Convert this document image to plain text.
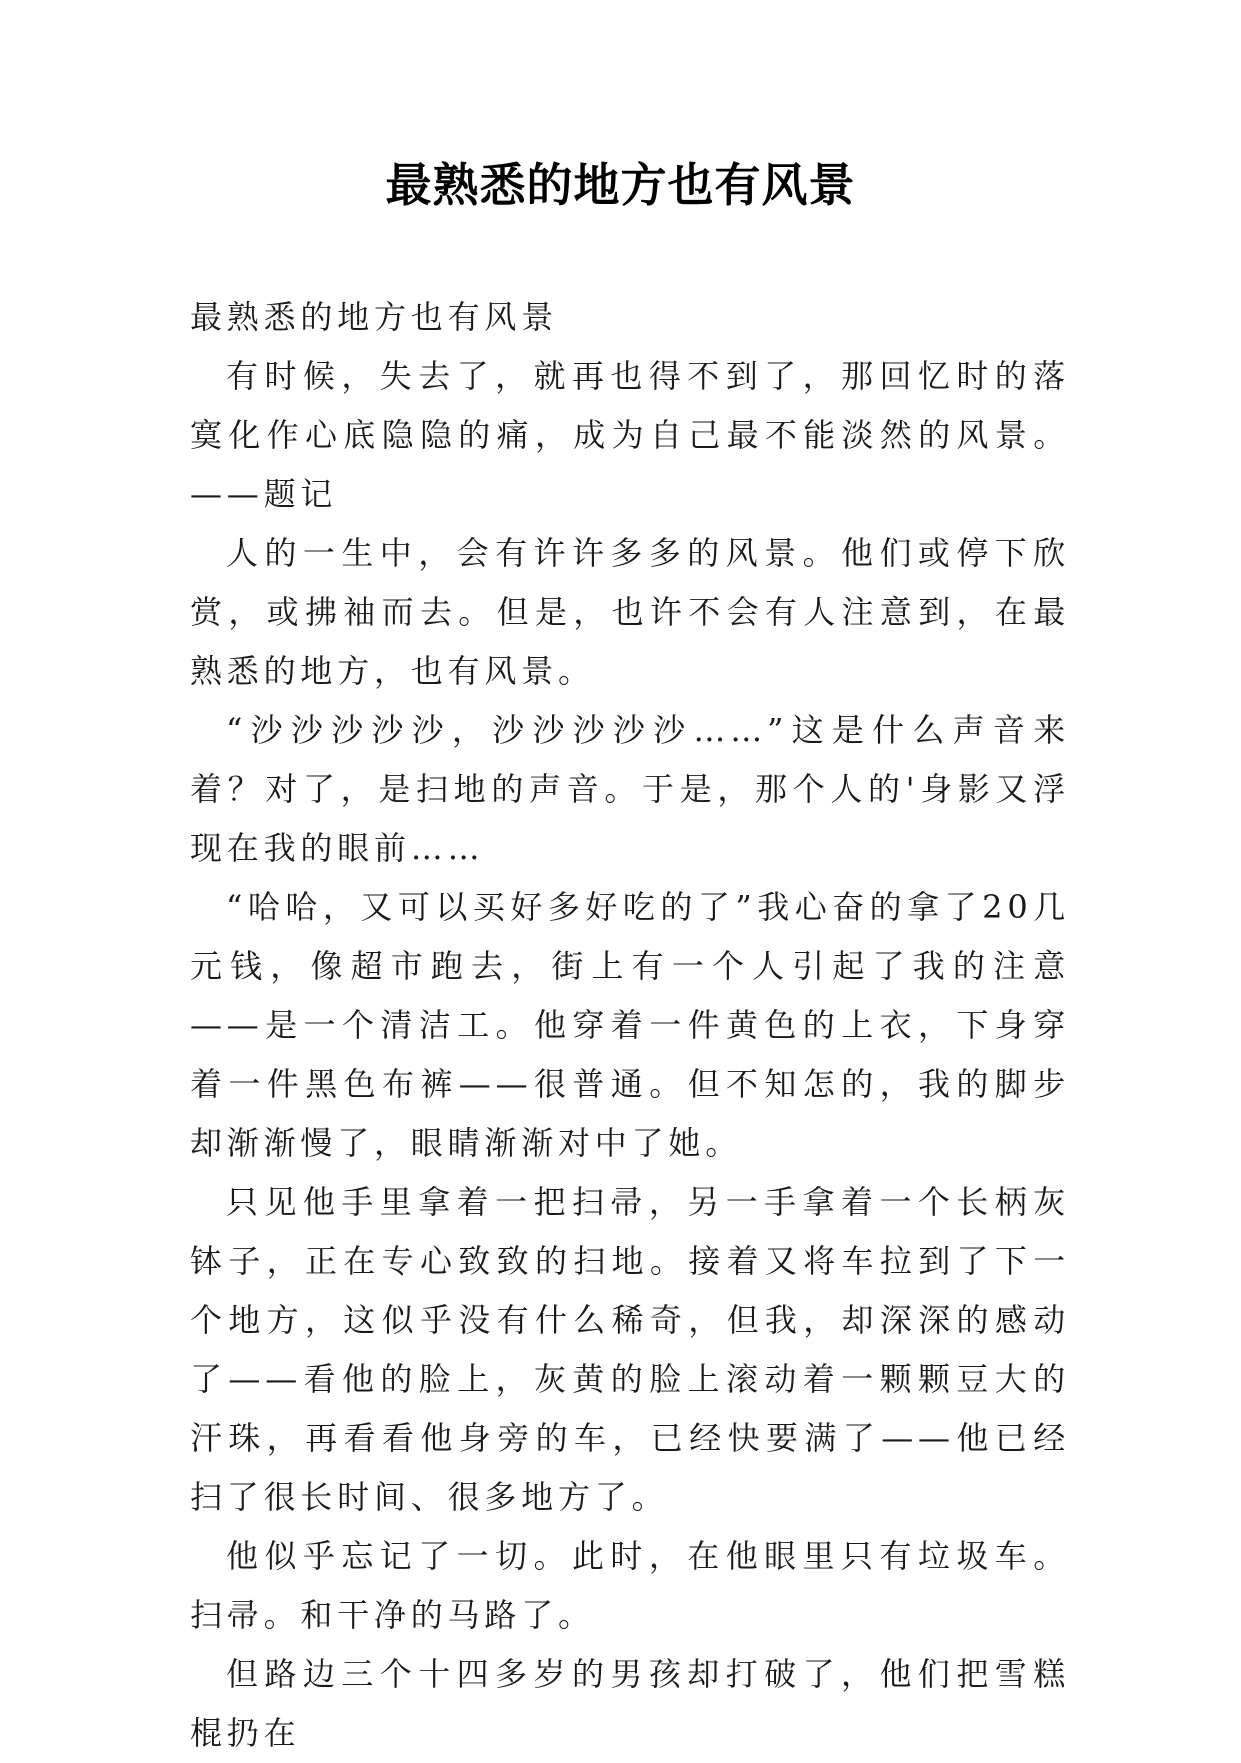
最熟悉的地方也有风景

最熟悉的地方也有风景

有时候，失去了，就再也得不到了，那回忆时的落寞化作心底隐隐的痛，成为自己最不能淡然的风景。——题记

人的一生中，会有许许多多的风景。他们或停下欣赏，或拂袖而去。但是，也许不会有人注意到，在最熟悉的地方，也有风景。

“沙沙沙沙沙，沙沙沙沙沙……”这是什么声音来着？对了，是扫地的声音。于是，那个人的'身影又浮现在我的眼前……

“哈哈，又可以买好多好吃的了”我心奋的拿了20几元钱，像超市跑去，街上有一个人引起了我的注意——是一个清洁工。他穿着一件黄色的上衣，下身穿着一件黑色布裤——很普通。但不知怎的，我的脚步却渐渐慢了，眼睛渐渐对中了她。

只见他手里拿着一把扫帚，另一手拿着一个长柄灰钵子，正在专心致致的扫地。接着又将车拉到了下一个地方，这似乎没有什么稀奇，但我，却深深的感动了——看他的脸上，灰黄的脸上滚动着一颗颗豆大的汗珠，再看看他身旁的车，已经快要满了——他已经扫了很长时间、很多地方了。

他似乎忘记了一切。此时，在他眼里只有垃圾车。扫帚。和干净的马路了。

但路边三个十四多岁的男孩却打破了，他们把雪糕棍扔在
